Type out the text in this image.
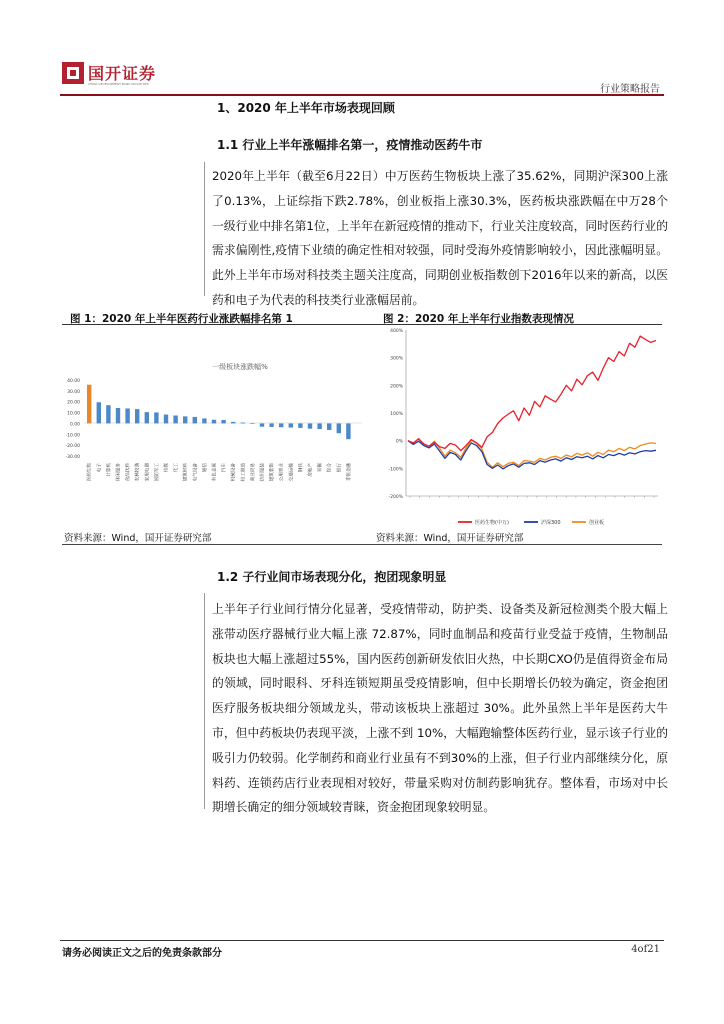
国开证券
CHINA DEVELOPMENT BANK SECURITIES	行业策略报告
1、2020 年上半年市场表现回顾
1.1 行业上半年涨幅排名第一，疫情推动医药牛市
2020年上半年（截至6月22日）中万医药生物板块上涨了35.62%，同期沪深300上涨了0.13%，上证综指下跌2.78%，创业板指上涨30.3%，医药板块涨跌幅在中万28个一级行业中排名第1位，上半年在新冠疫情的推动下，行业关注度较高，同时医药行业的需求偏刚性,疫情下业绩的确定性相对较强，同时受海外疫情影响较小，因此涨幅明显。此外上半年市场对科技类主题关注度高，同期创业板指数创下2016年以来的新高，以医药和电子为代表的科技类行业涨幅居前。
图 1：2020 年上半年医药行业涨跌幅排名第 1	图 2：2020 年上半年行业指数表现情况
一级板块涨跌幅%
40.00
30.00
20.00
10.00
0.00
-10.00
-20.00
-30.00
医药生物	电子 计算机 休闲服务 食品饮料 农林牧渔	家用电器 国防军工	传媒	化工 建筑材料	电气设备 通信	有色金属	汽车 机械设备	轻工制造 商业贸易	纺织服装	建筑装饰	公用事业 交通运输	钢铁	房地产	采掘	综合 银行	非银金融
400%
300%
200%
100%
0%
-100%
-200%
医药生物(中万)	沪深300	创业板
资料来源：Wind，国开证券研究部	资料来源：Wind，国开证券研究部
1.2 子行业间市场表现分化，抱团现象明显
上半年子行业间行情分化显著，受疫情带动，防护类、设备类及新冠检测类个股大幅上涨带动医疗器械行业大幅上涨 72.87%，同时血制品和疫苗行业受益于疫情，生物制品板块也大幅上涨超过55%，国内医药创新研发依旧火热，中长期CXO仍是值得资金布局的领域，同时眼科、牙科连锁短期虽受疫情影响，但中长期增长仍较为确定，资金抱团医疗服务板块细分领域龙头，带动该板块上涨超过 30%。此外虽然上半年是医药大牛市，但中药板块仍表现平淡，上涨不到 10%，大幅跑输整体医药行业，显示该子行业的吸引力仍较弱。化学制药和商业行业虽有不到30%的上涨，但子行业内部继续分化，原料药、连锁药店行业表现相对较好，带量采购对仿制药影响犹存。整体看，市场对中长期增长确定的细分领域较青睐，资金抱团现象较明显。
请务必阅读正文之后的免责条款部分	4of21
